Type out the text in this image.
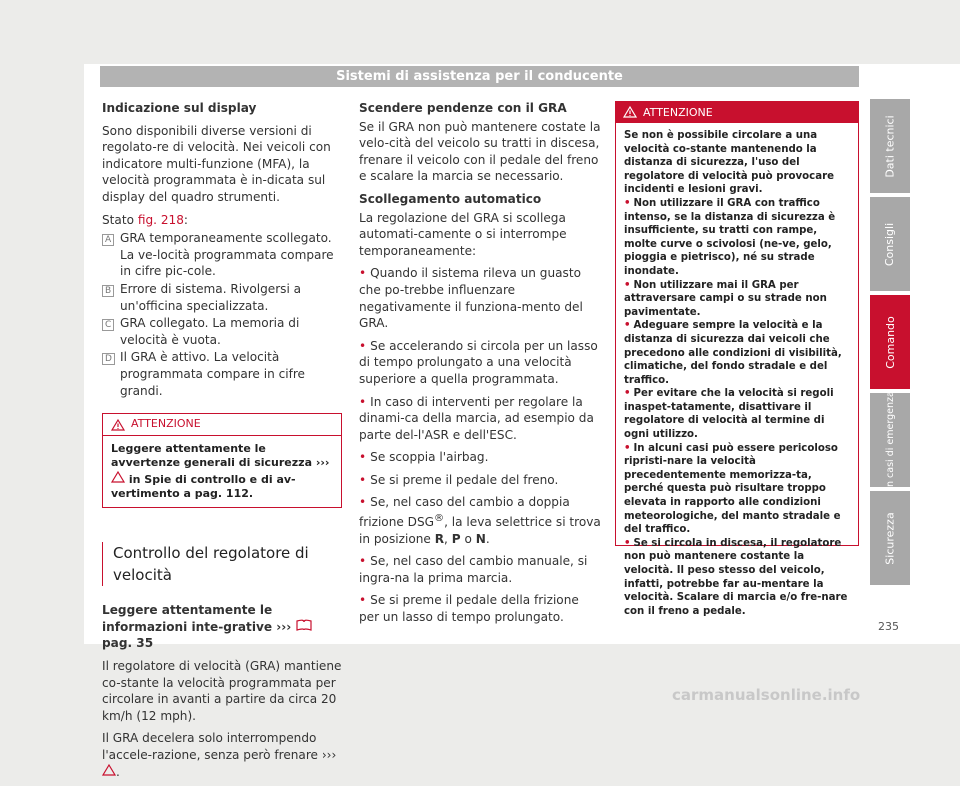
Sistemi di assistenza per il conducente

Indicazione sul display

Sono disponibili diverse versioni di regolato-re di velocità. Nei veicoli con indicatore multi-funzione (MFA), la velocità programmata è in-dicata sul display del quadro strumenti.

Stato fig. 218:

A GRA temporaneamente scollegato. La ve-locità programmata compare in cifre pic-cole.
B Errore di sistema. Rivolgersi a un'officina specializzata.
C GRA collegato. La memoria di velocità è vuota.
D Il GRA è attivo. La velocità programmata compare in cifre grandi.
ATTENZIONE
Leggere attentamente le avvertenze generali di sicurezza ›››  in Spie di controllo e di av-vertimento a pag. 112.
Controllo del regolatore di velocità

Leggere attentamente le informazioni inte-grative ›››  pag. 35

Il regolatore di velocità (GRA) mantiene co-stante la velocità programmata per circolare in avanti a partire da circa 20 km/h (12 mph).

Il GRA decelera solo interrompendo l'accele-razione, senza però frenare ››› .

Scendere pendenze con il GRA

Se il GRA non può mantenere costate la velo-cità del veicolo su tratti in discesa, frenare il veicolo con il pedale del freno e scalare la marcia se necessario.

Scollegamento automatico

La regolazione del GRA si scollega automati-camente o si interrompe temporaneamente:

• Quando il sistema rileva un guasto che po-trebbe influenzare negativamente il funziona-mento del GRA.
• Se accelerando si circola per un lasso di tempo prolungato a una velocità superiore a quella programmata.
• In caso di interventi per regolare la dinami-ca della marcia, ad esempio da parte del-l'ASR e dell'ESC.
• Se scoppia l'airbag.
• Se si preme il pedale del freno.
• Se, nel caso del cambio a doppia frizione DSG®, la leva selettrice si trova in posizione R, P o N.
• Se, nel caso del cambio manuale, si ingra-na la prima marcia.
• Se si preme il pedale della frizione per un lasso di tempo prolungato.
ATTENZIONE

Se non è possibile circolare a una velocità co-stante mantenendo la distanza di sicurezza, l'uso del regolatore di velocità può provocare incidenti e lesioni gravi.

• Non utilizzare il GRA con traffico intenso, se la distanza di sicurezza è insufficiente, su tratti con rampe, molte curve o scivolosi (ne-ve, gelo, pioggia e pietrisco), né su strade inondate.

• Non utilizzare mai il GRA per attraversare campi o su strade non pavimentate.

• Adeguare sempre la velocità e la distanza di sicurezza dai veicoli che precedono alle condizioni di visibilità, climatiche, del fondo stradale e del traffico.

• Per evitare che la velocità si regoli inaspet-tatamente, disattivare il regolatore di velocità al termine di ogni utilizzo.

• In alcuni casi può essere pericoloso ripristi-nare la velocità precedentemente memorizza-ta, perché questa può risultare troppo elevata in rapporto alle condizioni meteorologiche, del manto stradale e del traffico.

• Se si circola in discesa, il regolatore non può mantenere costante la velocità. Il peso stesso del veicolo, infatti, potrebbe far au-mentare la velocità. Scalare di marcia e/o fre-nare con il freno a pedale.

Dati tecnici
Consigli
Comando
In casi di emergenza
Sicurezza
235
carmanualsonline.info
